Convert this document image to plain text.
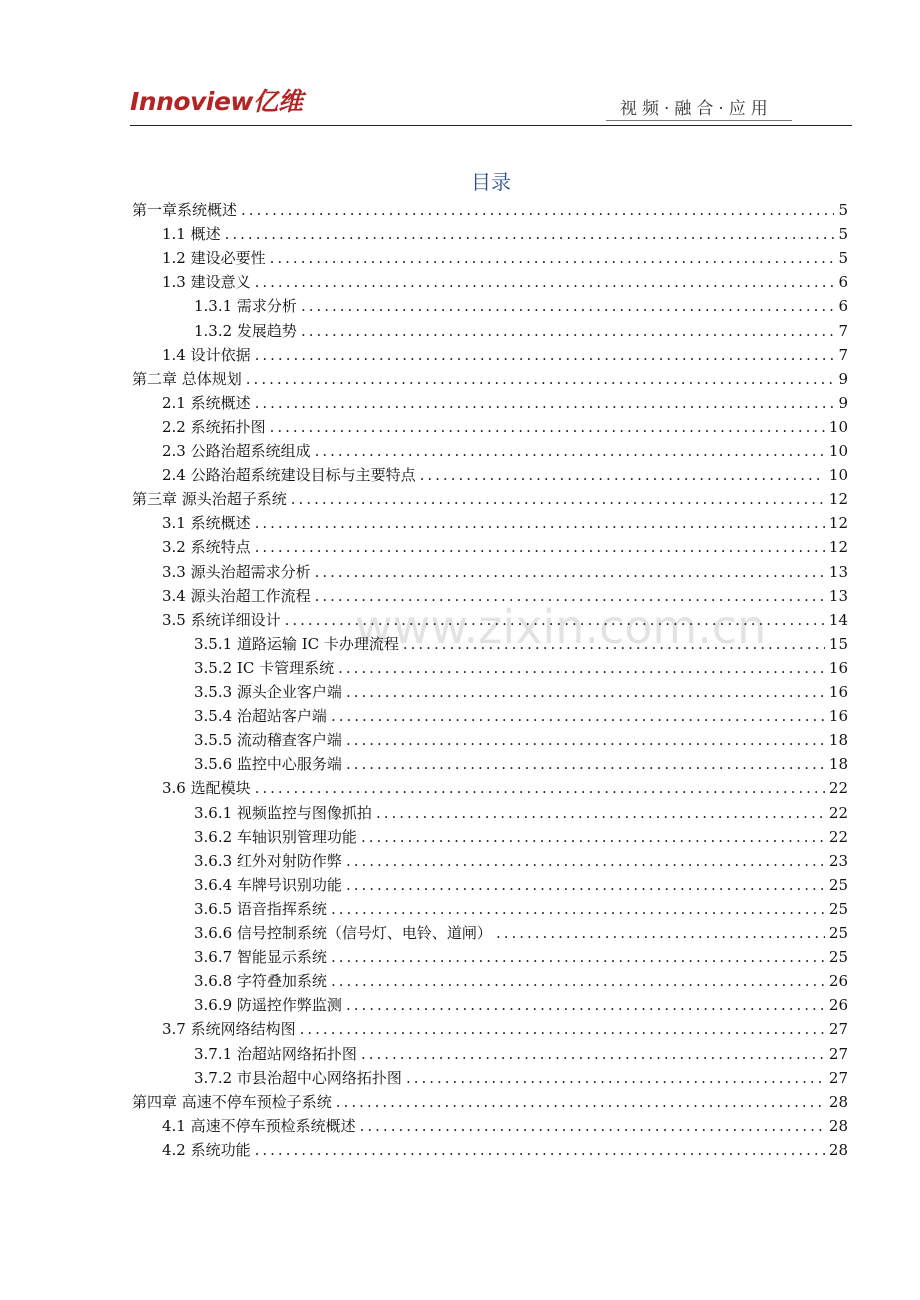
Innoview亿维	视频·融合·应用
www.zixin.com.cn
目录
第一章系统概述 .....	5
1.1 概述 .....	5
1.2 建设必要性 .....	5
1.3 建设意义 .....	6
1.3.1 需求分析 .....	6
1.3.2 发展趋势 .....	7
1.4 设计依据 .....	7
第二章 总体规划 .....	9
2.1 系统概述 .....	9
2.2 系统拓扑图 .....	10
2.3 公路治超系统组成 .....	10
2.4 公路治超系统建设目标与主要特点 .....	10
第三章 源头治超子系统 .....	12
3.1 系统概述 .....	12
3.2 系统特点 .....	12
3.3 源头治超需求分析 .....	13
3.4 源头治超工作流程 .....	13
3.5 系统详细设计 .....	14
3.5.1 道路运输 IC 卡办理流程 .....	15
3.5.2 IC 卡管理系统 .....	16
3.5.3 源头企业客户端 .....	16
3.5.4 治超站客户端 .....	16
3.5.5 流动稽查客户端 .....	18
3.5.6 监控中心服务端 .....	18
3.6 选配模块 .....	22
3.6.1 视频监控与图像抓拍 .....	22
3.6.2 车轴识别管理功能 .....	22
3.6.3 红外对射防作弊 .....	23
3.6.4 车牌号识别功能 .....	25
3.6.5 语音指挥系统 .....	25
3.6.6 信号控制系统（信号灯、电铃、道闸） .....	25
3.6.7 智能显示系统 .....	25
3.6.8 字符叠加系统 .....	26
3.6.9 防遥控作弊监测 .....	26
3.7 系统网络结构图 .....	27
3.7.1 治超站网络拓扑图 .....	27
3.7.2 市县治超中心网络拓扑图 .....	27
第四章 高速不停车预检子系统 .....	28
4.1 高速不停车预检系统概述 .....	28
4.2 系统功能 .....	28
